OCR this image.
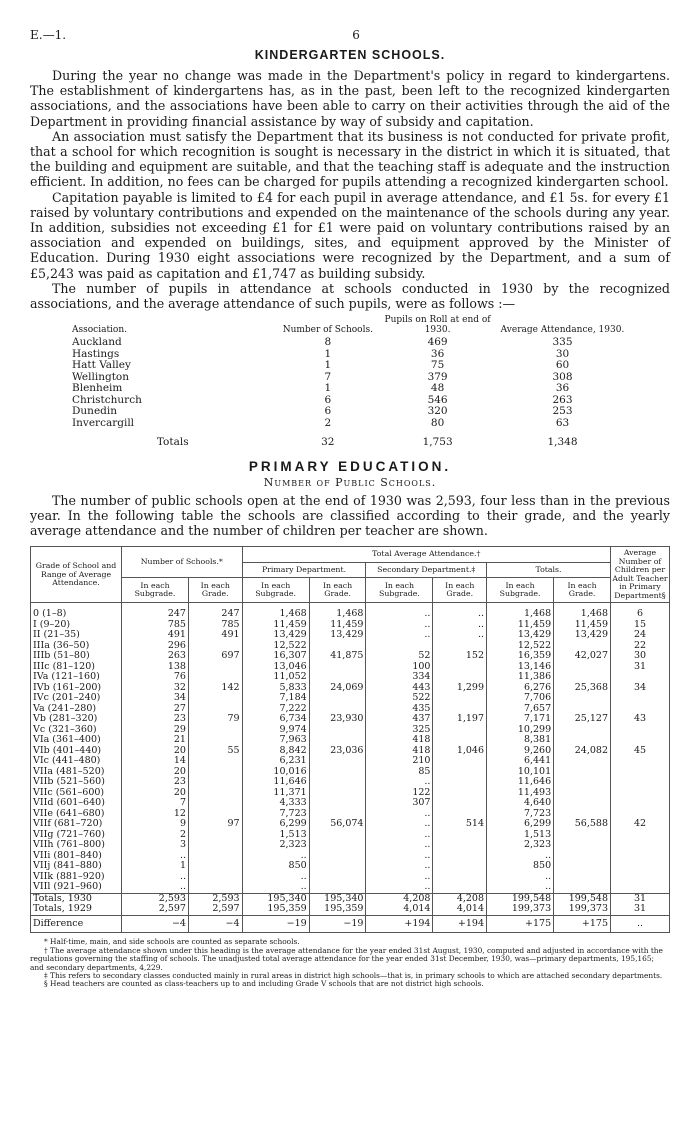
E.—1.	6
KINDERGARTEN SCHOOLS.

During the year no change was made in the Department's policy in regard to kindergartens. The establishment of kindergartens has, as in the past, been left to the recognized kindergarten associations, and the associations have been able to carry on their activities through the aid of the Department in providing financial assistance by way of subsidy and capitation.

An association must satisfy the Department that its business is not conducted for private profit, that a school for which recognition is sought is necessary in the district in which it is situated, that the building and equipment are suitable, and that the teaching staff is adequate and the instruction efficient. In addition, no fees can be charged for pupils attending a recognized kindergarten school.

Capitation payable is limited to £4 for each pupil in average attendance, and £1 5s. for every £1 raised by voluntary contributions and expended on the maintenance of the schools during any year. In addition, subsidies not exceeding £1 for £1 were paid on voluntary contributions raised by an association and expended on buildings, sites, and equipment approved by the Minister of Education. During 1930 eight associations were recognized by the Department, and a sum of £5,243 was paid as capitation and £1,747 as building subsidy.

The number of pupils in attendance at schools conducted in 1930 by the recognized associations, and the average attendance of such pupils, were as follows :—

Association.	Number of Schools.	Pupils on Roll at end of 1930.	Average Attendance, 1930.
Auckland	8	469	335
Hastings	1	36	30
Hatt Valley	1	75	60
Wellington	7	379	308
Blenheim	1	48	36
Christchurch	6	546	263
Dunedin	6	320	253
Invercargill	2	80	63
Totals	32	1,753	1,348
PRIMARY EDUCATION.
Number of Public Schools.

The number of public schools open at the end of 1930 was 2,593, four less than in the previous year. In the following table the schools are classified according to their grade, and the yearly average attendance and the number of children per teacher are shown.

Grade of School and Range of Average Attendance.	Number of Schools.*		Total Average Attendance.†						Average Number of Children per Adult Teacher in Primary Department§
			Primary Department.		Secondary Department.‡		Totals.		
	In each Subgrade.	In each Grade.	In each Subgrade.	In each Grade.	In each Subgrade.	In each Grade.	In each Subgrade.	In each Grade.	
0 (1–8)	247	247	1,468	1,468	..	..	1,468	1,468	6
I (9–20)	785	785	11,459	11,459	..	..	11,459	11,459	15
II (21–35)	491	491	13,429	13,429	..	..	13,429	13,429	24
IIIa (36–50)	296		12,522				12,522		22
IIIb (51–80)	263	697	16,307	41,875	52	152	16,359	42,027	30
IIIc (81–120)	138		13,046		100		13,146		31
IVa (121–160)	76		11,052		334		11,386		
IVb (161–200)	32	142	5,833	24,069	443	1,299	6,276	25,368	34
IVc (201–240)	34		7,184		522		7,706		
Va (241–280)	27		7,222		435		7,657		
Vb (281–320)	23	79	6,734	23,930	437	1,197	7,171	25,127	43
Vc (321–360)	29		9,974		325		10,299		
VIa (361–400)	21		7,963		418		8,381		
VIb (401–440)	20	55	8,842	23,036	418	1,046	9,260	24,082	45
VIc (441–480)	14		6,231		210		6,441		
VIIa (481–520)	20		10,016		85		10,101		
VIIb (521–560)	23		11,646		..		11,646		
VIIc (561–600)	20		11,371		122		11,493		
VIId (601–640)	7		4,333		307		4,640		
VIIe (641–680)	12		7,723		..		7,723		
VIIf (681–720)	9	97	6,299	56,074	..	514	6,299	56,588	42
VIIg (721–760)	2		1,513		..		1,513		
VIIh (761–800)	3		2,323		..		2,323		
VIIi (801–840)	..		..		..		..		
VIIj (841–880)	1		850		..		850		
VIIk (881–920)	..		..		..		..		
VIIl (921–960)	..		..		..		..		
Totals, 1930	2,593	2,593	195,340	195,340	4,208	4,208	199,548	199,548	31
Totals, 1929	2,597	2,597	195,359	195,359	4,014	4,014	199,373	199,373	31
Difference	−4	−4	−19	−19	+194	+194	+175	+175	..
* Half-time, main, and side schools are counted as separate schools.
† The average attendance shown under this heading is the average attendance for the year ended 31st August, 1930, computed and adjusted in accordance with the regulations governing the staffing of schools. The unadjusted total average attendance for the year ended 31st December, 1930, was—primary departments, 195,165; and secondary departments, 4,229.
‡ This refers to secondary classes conducted mainly in rural areas in district high schools—that is, in primary schools to which are attached secondary departments.
§ Head teachers are counted as class-teachers up to and including Grade V schools that are not district high schools.
